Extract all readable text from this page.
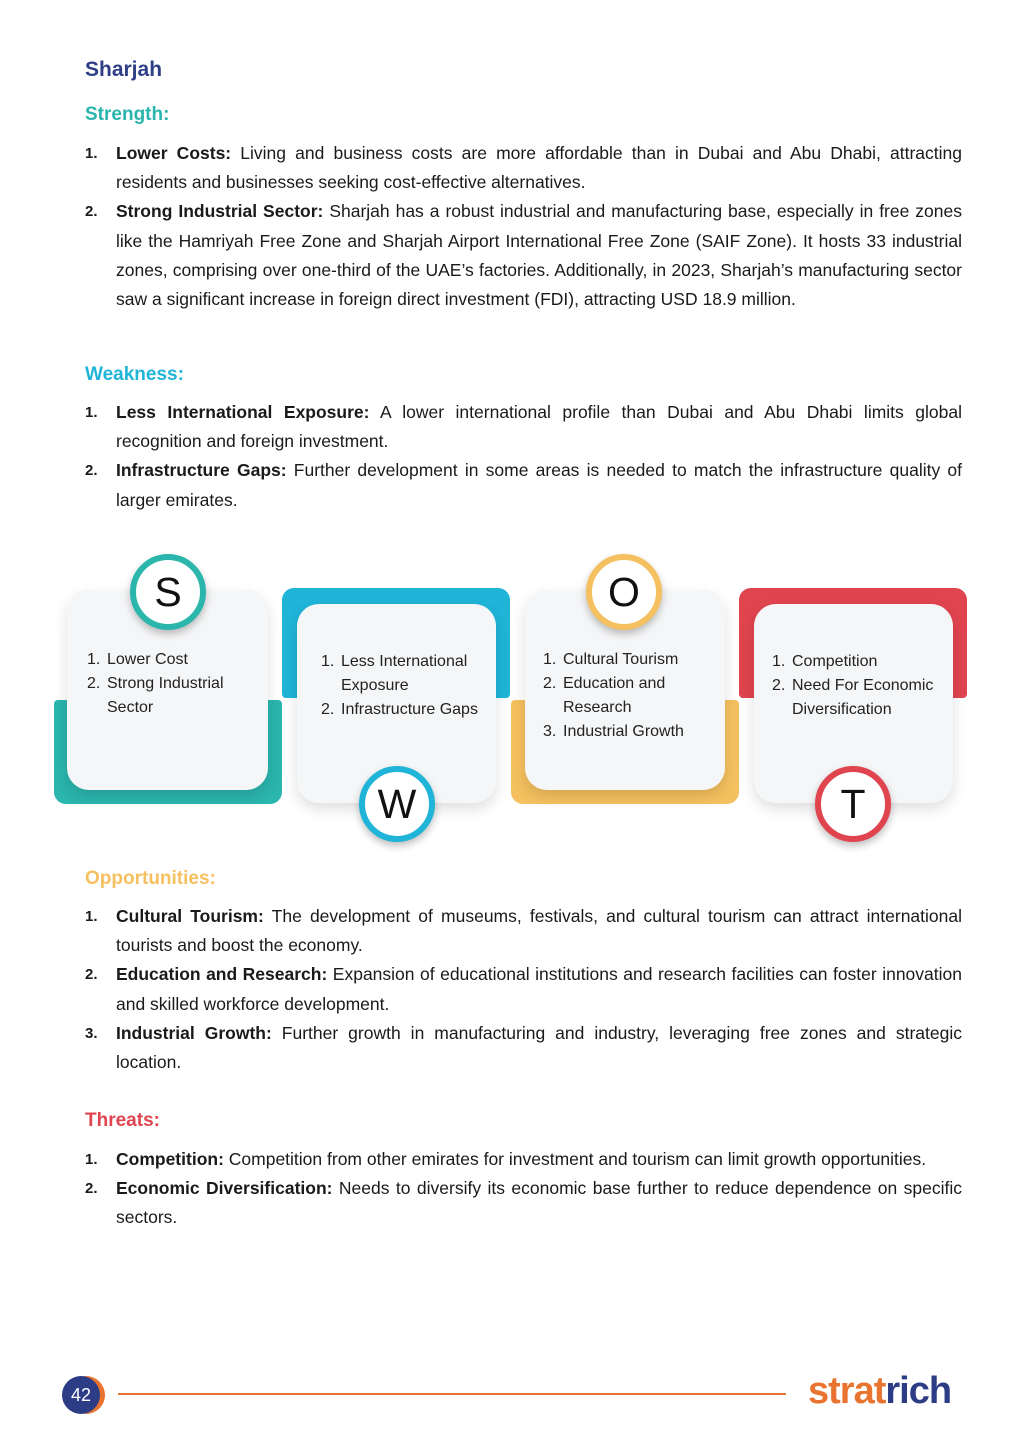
Sharjah
Strength:
1. Lower Costs: Living and business costs are more affordable than in Dubai and Abu Dhabi, attracting residents and businesses seeking cost-effective alternatives.
2. Strong Industrial Sector: Sharjah has a robust industrial and manufacturing base, especially in free zones like the Hamriyah Free Zone and Sharjah Airport International Free Zone (SAIF Zone). It hosts 33 industrial zones, comprising over one-third of the UAE’s factories. Additionally, in 2023, Sharjah’s manufacturing sector saw a significant increase in foreign direct investment (FDI), attracting USD 18.9 million.
Weakness:
1. Less International Exposure: A lower international profile than Dubai and Abu Dhabi limits global recognition and foreign investment.
2. Infrastructure Gaps: Further development in some areas is needed to match the infrastructure quality of larger emirates.
1. Lower Cost
2. Strong Industrial Sector
S
1. Less International Exposure
2. Infrastructure Gaps
W
1. Cultural Tourism
2. Education and Research
3. Industrial Growth
O
1. Competition
2. Need For Economic Diversification
T
Opportunities:
1. Cultural Tourism: The development of museums, festivals, and cultural tourism can attract international tourists and boost the economy.
2. Education and Research: Expansion of educational institutions and research facilities can foster innovation and skilled workforce development.
3. Industrial Growth: Further growth in manufacturing and industry, leveraging free zones and strategic location.
Threats:
1. Competition: Competition from other emirates for investment and tourism can limit growth opportunities.
2. Economic Diversification: Needs to diversify its economic base further to reduce dependence on specific sectors.
42	stratrich
